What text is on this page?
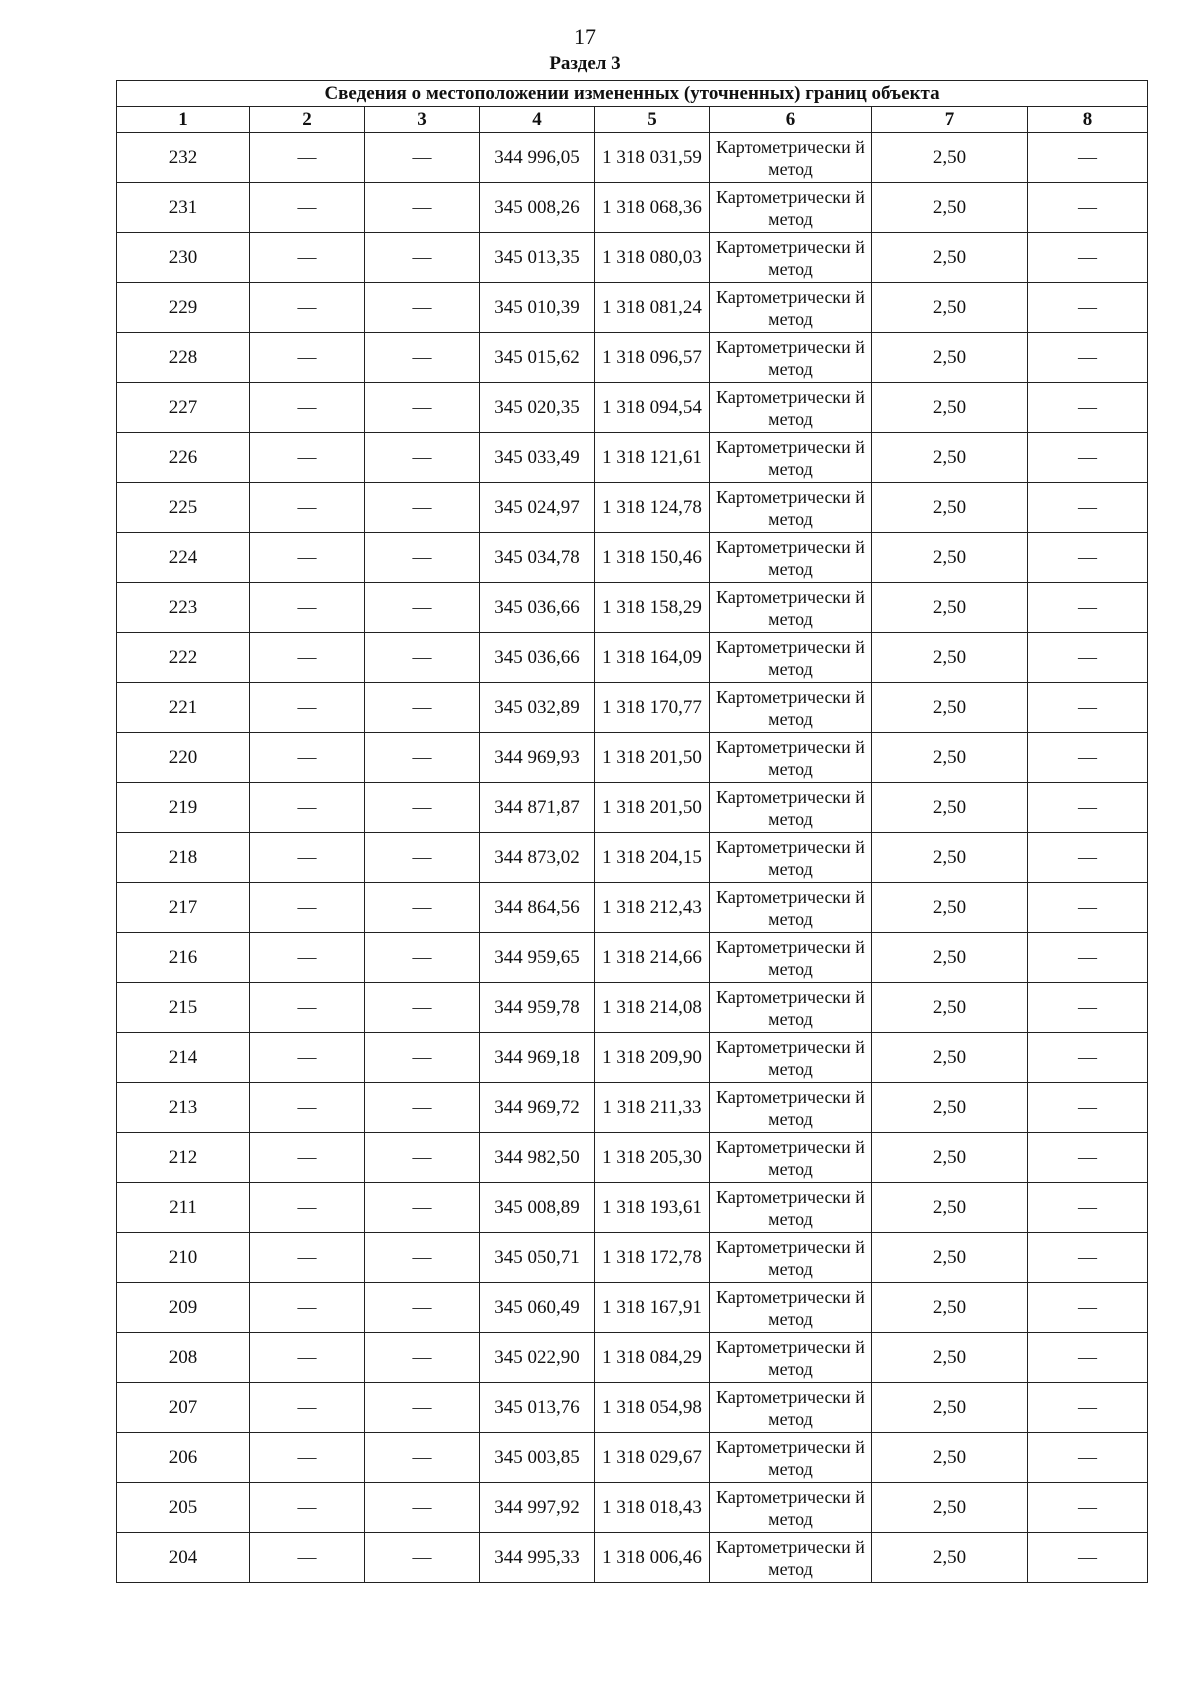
17
Раздел 3
Сведения о местоположении измененных (уточненных) границ объекта							
1	2	3	4	5	6	7	8
232	—	—	344 996,05	1 318 031,59	Картометрически й метод	2,50	—
231	—	—	345 008,26	1 318 068,36	Картометрически й метод	2,50	—
230	—	—	345 013,35	1 318 080,03	Картометрически й метод	2,50	—
229	—	—	345 010,39	1 318 081,24	Картометрически й метод	2,50	—
228	—	—	345 015,62	1 318 096,57	Картометрически й метод	2,50	—
227	—	—	345 020,35	1 318 094,54	Картометрически й метод	2,50	—
226	—	—	345 033,49	1 318 121,61	Картометрически й метод	2,50	—
225	—	—	345 024,97	1 318 124,78	Картометрически й метод	2,50	—
224	—	—	345 034,78	1 318 150,46	Картометрически й метод	2,50	—
223	—	—	345 036,66	1 318 158,29	Картометрически й метод	2,50	—
222	—	—	345 036,66	1 318 164,09	Картометрически й метод	2,50	—
221	—	—	345 032,89	1 318 170,77	Картометрически й метод	2,50	—
220	—	—	344 969,93	1 318 201,50	Картометрически й метод	2,50	—
219	—	—	344 871,87	1 318 201,50	Картометрически й метод	2,50	—
218	—	—	344 873,02	1 318 204,15	Картометрически й метод	2,50	—
217	—	—	344 864,56	1 318 212,43	Картометрически й метод	2,50	—
216	—	—	344 959,65	1 318 214,66	Картометрически й метод	2,50	—
215	—	—	344 959,78	1 318 214,08	Картометрически й метод	2,50	—
214	—	—	344 969,18	1 318 209,90	Картометрически й метод	2,50	—
213	—	—	344 969,72	1 318 211,33	Картометрически й метод	2,50	—
212	—	—	344 982,50	1 318 205,30	Картометрически й метод	2,50	—
211	—	—	345 008,89	1 318 193,61	Картометрически й метод	2,50	—
210	—	—	345 050,71	1 318 172,78	Картометрически й метод	2,50	—
209	—	—	345 060,49	1 318 167,91	Картометрически й метод	2,50	—
208	—	—	345 022,90	1 318 084,29	Картометрически й метод	2,50	—
207	—	—	345 013,76	1 318 054,98	Картометрически й метод	2,50	—
206	—	—	345 003,85	1 318 029,67	Картометрически й метод	2,50	—
205	—	—	344 997,92	1 318 018,43	Картометрически й метод	2,50	—
204	—	—	344 995,33	1 318 006,46	Картометрически й метод	2,50	—
